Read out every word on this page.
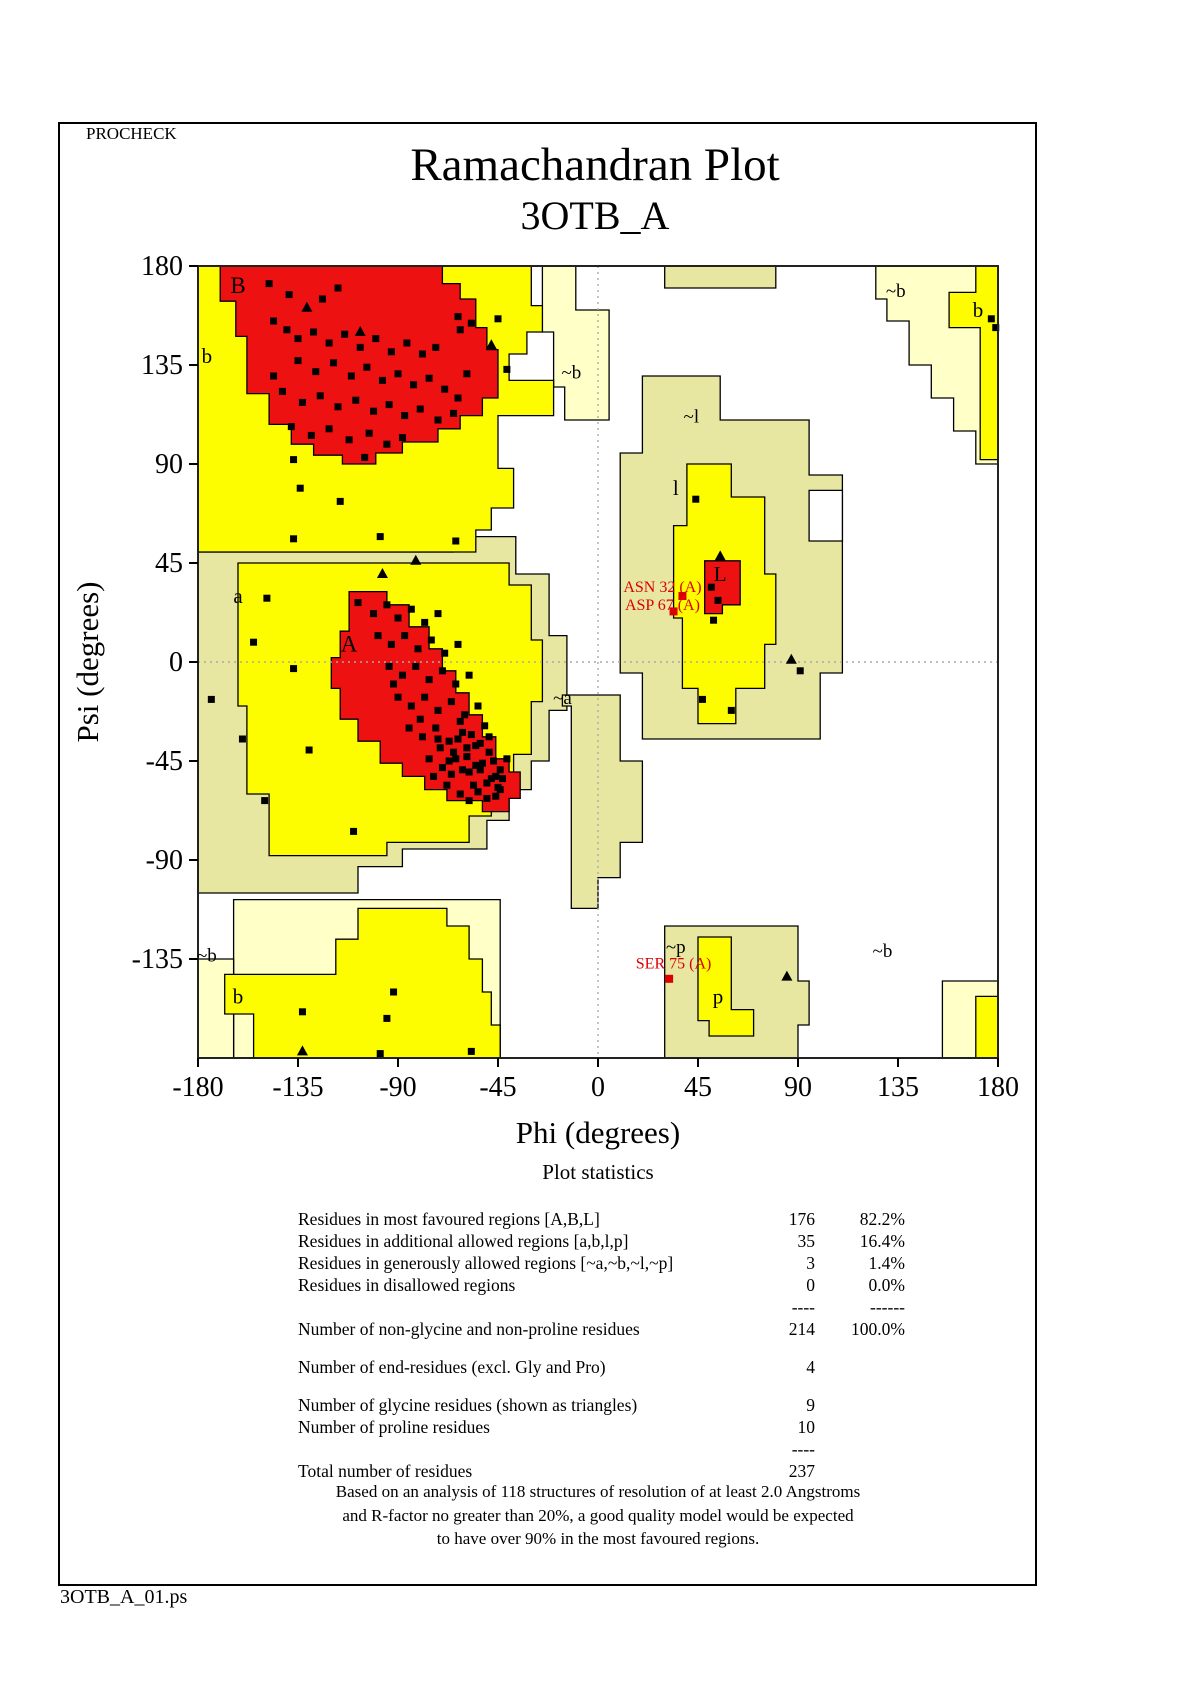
PROCHECK
Ramachandran Plot
3OTB_A
-180 -135 -90 -45	0	45	90 135 180
180
135
90
45
0
-45
-90
-135
Phi (degrees)
Psi (degrees)
B
b
~b
~l
l
L
a
A
~a
~b
b
~p
p
~b
~b
b
ASN 32 (A)
ASP 67 (A)
SER 75 (A)
Plot statistics
Residues in most favoured regions [A,B,L]	176	82.2%
Residues in additional allowed regions [a,b,l,p]	35	16.4%
Residues in generously allowed regions [~a,~b,~l,~p]	3	1.4%
Residues in disallowed regions	0	0.0%

----	------
Number of non-glycine and non-proline residues	214	100.0%
Number of end-residues (excl. Gly and Pro)	4
Number of glycine residues (shown as triangles)	9
Number of proline residues	10

----
Total number of residues	237
Based on an analysis of 118 structures of resolution of at least 2.0 Angstroms
and R-factor no greater than 20%, a good quality model would be expected
to have over 90% in the most favoured regions.
3OTB_A_01.ps
